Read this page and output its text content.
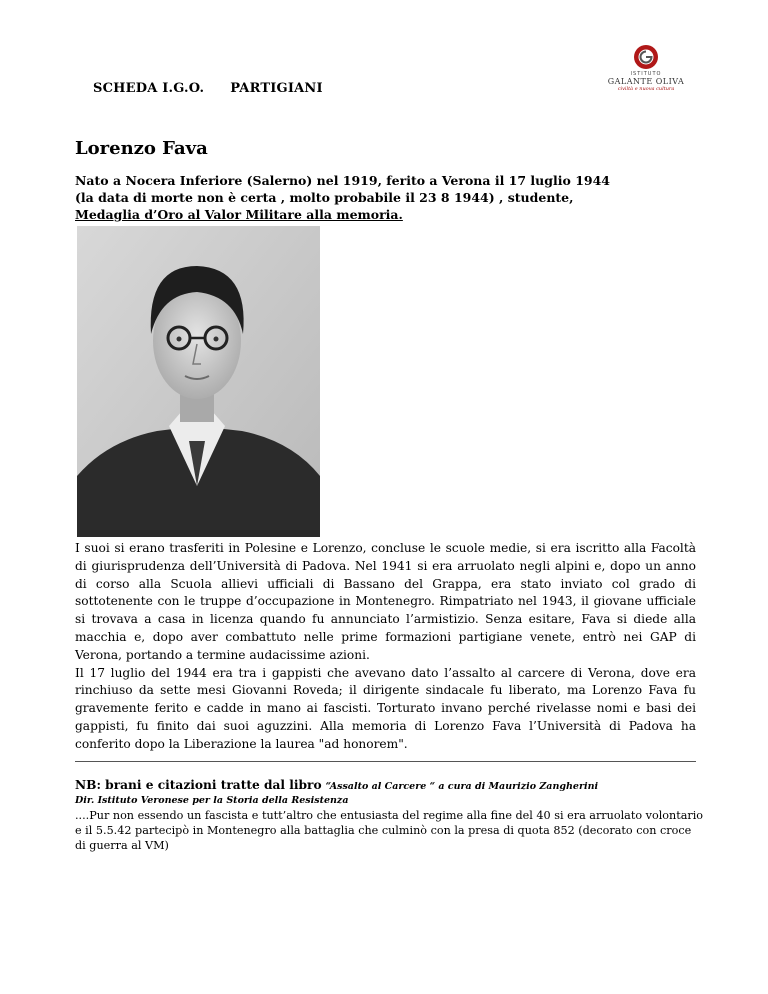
SCHEDA I.G.O. PARTIGIANI
ISTITUTO
GALANTE OLIVA
civiltà e nuova cultura
Lorenzo Fava
Nato a Nocera Inferiore (Salerno) nel 1919, ferito a Verona il 17 luglio 1944
(la data di morte non è certa , molto probabile il 23 8 1944) , studente,
Medaglia d’Oro al Valor Militare alla memoria.

I suoi si erano trasferiti in Polesine e Lorenzo, concluse le scuole medie, si era iscritto alla Facoltà di giurisprudenza dell’Università di Padova. Nel 1941 si era arruolato negli alpini e, dopo un anno di corso alla Scuola allievi ufficiali di Bassano del Grappa, era stato inviato col grado di sottotenente con le truppe d’occupazione in Montenegro. Rimpatriato nel 1943, il giovane ufficiale si trovava a casa in licenza quando fu annunciato l’armistizio. Senza esitare, Fava si diede alla macchia e, dopo aver combattuto nelle prime formazioni partigiane venete, entrò nei GAP di Verona, portando a termine audacissime azioni.

Il 17 luglio del 1944 era tra i gappisti che avevano dato l’assalto al carcere di Verona, dove era rinchiuso da sette mesi Giovanni Roveda; il dirigente sindacale fu liberato, ma Lorenzo Fava fu gravemente ferito e cadde in mano ai fascisti. Torturato invano perché rivelasse nomi e basi dei gappisti, fu finito dai suoi aguzzini. Alla memoria di Lorenzo Fava l’Università di Padova ha conferito dopo la Liberazione la laurea "ad honorem".

NB: brani e citazioni tratte dal libro “Assalto al Carcere “ a cura di Maurizio Zangherini
Dir. Istituto Veronese per la Storia della Resistenza
....Pur non essendo un fascista e tutt’altro che entusiasta del regime alla fine del 40 si era arruolato volontario e il 5.5.42 partecipò in Montenegro alla battaglia che culminò con la presa di quota 852 (decorato con croce di guerra al VM)
